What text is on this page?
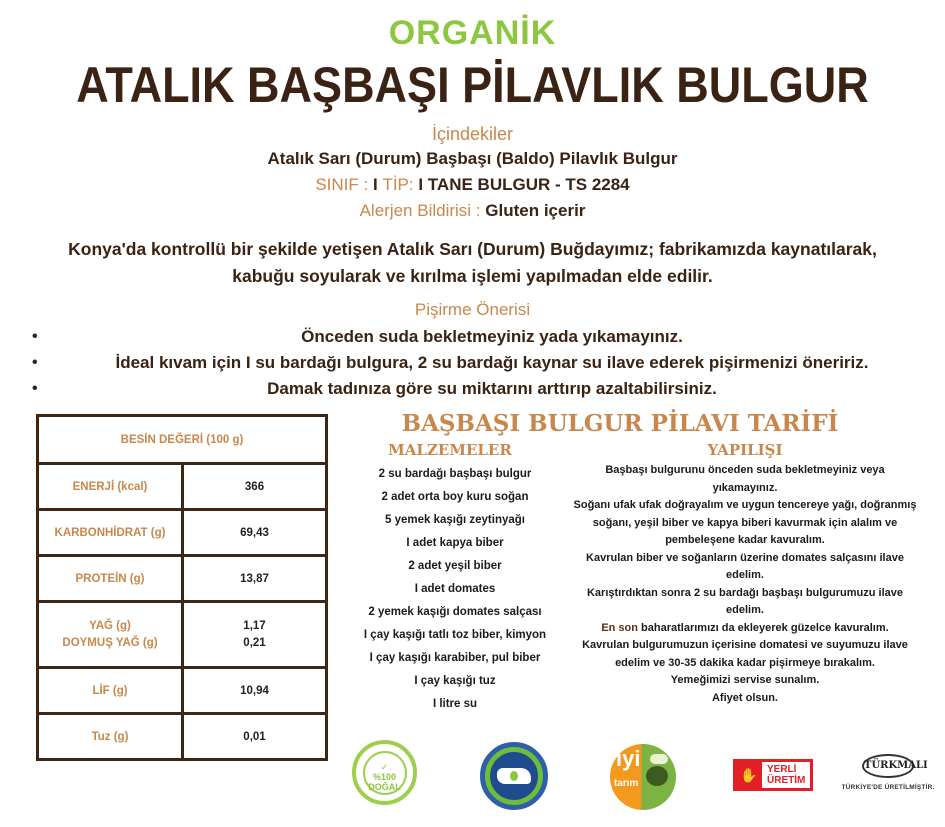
ORGANİK
ATALIK BAŞBAŞI PİLAVLIK BULGUR
İçindekiler
Atalık Sarı (Durum) Başbaşı (Baldo) Pilavlık Bulgur
SINIF : I TİP: I TANE BULGUR - TS 2284
Alerjen Bildirisi : Gluten içerir
Konya'da kontrollü bir şekilde yetişen Atalık Sarı (Durum) Buğdayımız; fabrikamızda kaynatılarak,
kabuğu soyularak ve kırılma işlemi yapılmadan elde edilir.
Pişirme Önerisi
•	Önceden suda bekletmeyiniz yada yıkamayınız.
•	İdeal kıvam için I su bardağı bulgura, 2 su bardağı kaynar su ilave ederek pişirmenizi öneririz.
•	Damak tadınıza göre su miktarını arttırıp azaltabilirsiniz.
BESİN DEĞERİ (100 g)	
ENERJİ (kcal)	366
KARBONHİDRAT (g)	69,43
PROTEİN (g)	13,87

YAĞ (g)
DOYMUŞ YAĞ (g)

1,17
0,21

LİF (g)	10,94
Tuz (g)	0,01
BAŞBAŞI BULGUR PİLAVI TARİFİ
MALZEMELER	YAPILIŞI
2 su bardağı başbaşı bulgur
2 adet orta boy kuru soğan
5 yemek kaşığı zeytinyağı
I adet kapya biber
2 adet yeşil biber
I adet domates
2 yemek kaşığı domates salçası
I çay kaşığı tatlı toz biber, kimyon
I çay kaşığı karabiber, pul biber
I çay kaşığı tuz
I litre su
Başbaşı bulgurunu önceden suda bekletmeyiniz veya
yıkamayınız.
Soğanı ufak ufak doğrayalım ve uygun tencereye yağı, doğranmış
soğanı, yeşil biber ve kapya biberi kavurmak için alalım ve
pembeleşene kadar kavuralım.
Kavrulan biber ve soğanların üzerine domates salçasını ilave
edelim.
Karıştırdıktan sonra 2 su bardağı başbaşı bulgurumuzu ilave
edelim.
En son baharatlarımızı da ekleyerek güzelce kavuralım.
Kavrulan bulgurumuzun içerisine domatesi ve suyumuzu ilave
edelim ve 30-35 dakika kadar pişirmeye bırakalım.
Yemeğimizi servise sunalım.
Afiyet olsun.
✓
%100
DOĞAL
iyi
tarım
✋ YERLİ
ÜRETİM
TÜRKMALI
TÜRKİYE'DE ÜRETİLMİŞTİR.
